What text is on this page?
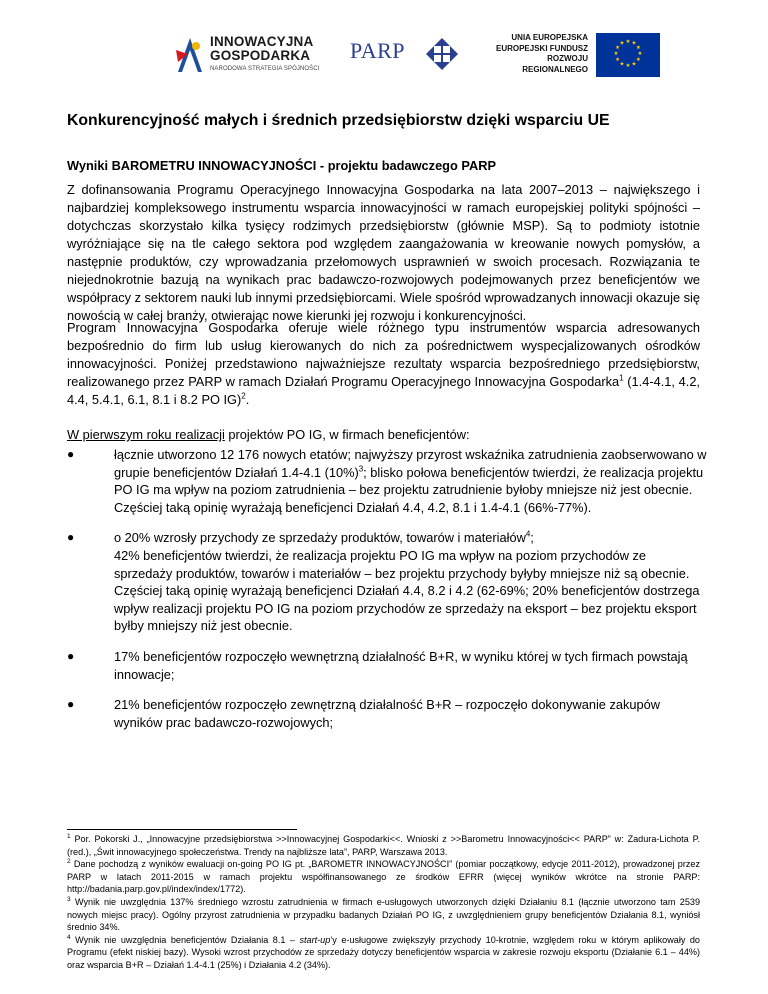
INNOWACYJNA
GOSPODARKA
NARODOWA STRATEGIA SPÓJNOŚCI
PARP
UNIA EUROPEJSKA
EUROPEJSKI FUNDUSZ
ROZWOJU REGIONALNEGO
★ ★
★
★
★
★
★
★
★
★
★
★
Konkurencyjność małych i średnich przedsiębiorstw dzięki wsparciu UE
Wyniki BAROMETRU INNOWACYJNOŚCI - projektu badawczego PARP
Z dofinansowania Programu Operacyjnego Innowacyjna Gospodarka na lata 2007–2013 – największego i najbardziej kompleksowego instrumentu wsparcia innowacyjności w ramach europejskiej polityki spójności – dotychczas skorzystało kilka tysięcy rodzimych przedsiębiorstw (głównie MSP). Są to podmioty istotnie wyróżniające się na tle całego sektora pod względem zaangażowania w kreowanie nowych pomysłów, a następnie produktów, czy wprowadzania przełomowych usprawnień w swoich procesach. Rozwiązania te niejednokrotnie bazują na wynikach prac badawczo-rozwojowych podejmowanych przez beneficjentów we współpracy z sektorem nauki lub innymi przedsiębiorcami. Wiele spośród wprowadzanych innowacji okazuje się nowością w całej branży, otwierając nowe kierunki jej rozwoju i konkurencyjności.
Program Innowacyjna Gospodarka oferuje wiele różnego typu instrumentów wsparcia adresowanych bezpośrednio do firm lub usług kierowanych do nich za pośrednictwem wyspecjalizowanych ośrodków innowacyjności. Poniżej przedstawiono najważniejsze rezultaty wsparcia bezpośredniego przedsiębiorstw, realizowanego przez PARP w ramach Działań Programu Operacyjnego Innowacyjna Gospodarka$^1$ (1.4-4.1, 4.2, 4.4, 5.4.1, 6.1, 8.1 i 8.2 PO IG)$^2$.
W pierwszym roku realizacji projektów PO IG, w firmach beneficjentów:
●	łącznie utworzono 12 176 nowych etatów; najwyższy przyrost wskaźnika zatrudnienia zaobserwowano w grupie beneficjentów Działań 1.4-4.1 $(10\%)^3$; blisko połowa beneficjentów twierdzi, że realizacja projektu PO IG ma wpływ na poziom zatrudnienia – bez projektu zatrudnienie byłoby mniejsze niż jest obecnie. Częściej taką opinię wyrażają beneficjenci Działań 4.4, 4.2, 8.1 i 1.4-4.1 (66%-77%).
●	o 20% wzrosły przychody ze sprzedaży produktów, towarów i materiałów$^4$;
42% beneficjentów twierdzi, że realizacja projektu PO IG ma wpływ na poziom przychodów ze sprzedaży produktów, towarów i materiałów – bez projektu przychody byłyby mniejsze niż są obecnie. Częściej taką opinię wyrażają beneficjenci Działań 4.4, 8.2 i 4.2 (62-69%; 20% beneficjentów dostrzega wpływ realizacji projektu PO IG na poziom przychodów ze sprzedaży na eksport – bez projektu eksport byłby mniejszy niż jest obecnie.
●	17% beneficjentów rozpoczęło wewnętrzną działalność B+R, w wyniku której w tych firmach powstają innowacje;
●	21% beneficjentów rozpoczęło zewnętrzną działalność B+R – rozpoczęło dokonywanie zakupów wyników prac badawczo-rozwojowych;

$^1$ Por. Pokorski J., „Innowacyjne przedsiębiorstwa >>Innowacyjnej Gospodarki<<. Wnioski z >>Barometru Innowacyjności<< PARP” w: Zadura-Lichota P. (red.), „Świt innowacyjnego społeczeństwa. Trendy na najbliższe lata”, PARP, Warszawa 2013.

$^2$ Dane pochodzą z wyników ewaluacji on-going PO IG pt. „BAROMETR INNOWACYJNOŚCI” (pomiar początkowy, edycje 2011-2012), prowadzonej przez PARP w latach 2011-2015 w ramach projektu współfinansowanego ze środków EFRR (więcej wyników wkrótce na stronie PARP: http://badania.parp.gov.pl/index/index/1772).

$^3$ Wynik nie uwzględnia 137% średniego wzrostu zatrudnienia w firmach e-usługowych utworzonych dzięki Działaniu 8.1 (łącznie utworzono tam 2539 nowych miejsc pracy). Ogólny przyrost zatrudnienia w przypadku badanych Działań PO IG, z uwzględnieniem grupy beneficjentów Działania 8.1, wyniósł średnio 34%.

$^4$ Wynik nie uwzględnia beneficjentów Działania 8.1 – start-up’y e-usługowe zwiększyły przychody 10-krotnie, względem roku w którym aplikowały do Programu (efekt niskiej bazy). Wysoki wzrost przychodów ze sprzedaży dotyczy beneficjentów wsparcia w zakresie rozwoju eksportu (Działanie 6.1 – 44%) oraz wsparcia B+R – Działań 1.4-4.1 (25%) i Działania 4.2 (34%).
